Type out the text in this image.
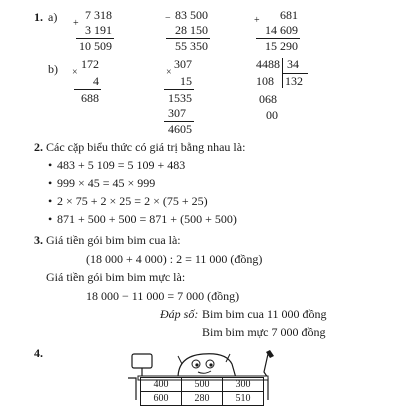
1. a) +
7 318
3 191
10 509
− 83 500
28 150
55 350
+	681
14 609
15 290
b) ×
172
4
688
×
307
15
1535
307
4605
4488 34
108 132
068
00
2. Các cặp biểu thức có giá trị bằng nhau là:
• 483 + 5 109 = 5 109 + 483
• 999 × 45 = 45 × 999
• 2 × 75 + 2 × 25 = 2 × (75 + 25)
• 871 + 500 + 500 = 871 + (500 + 500)
3. Giá tiền gói bim bim cua là:
(18 000 + 4 000) : 2 = 11 000 (đồng)
Giá tiền gói bim bim mực là:
18 000 − 11 000 = 7 000 (đồng)
Đáp số: Bim bim cua 11 000 đồng
Bim bim mực 7 000 đồng
4.
400	500	300
600	280	510
